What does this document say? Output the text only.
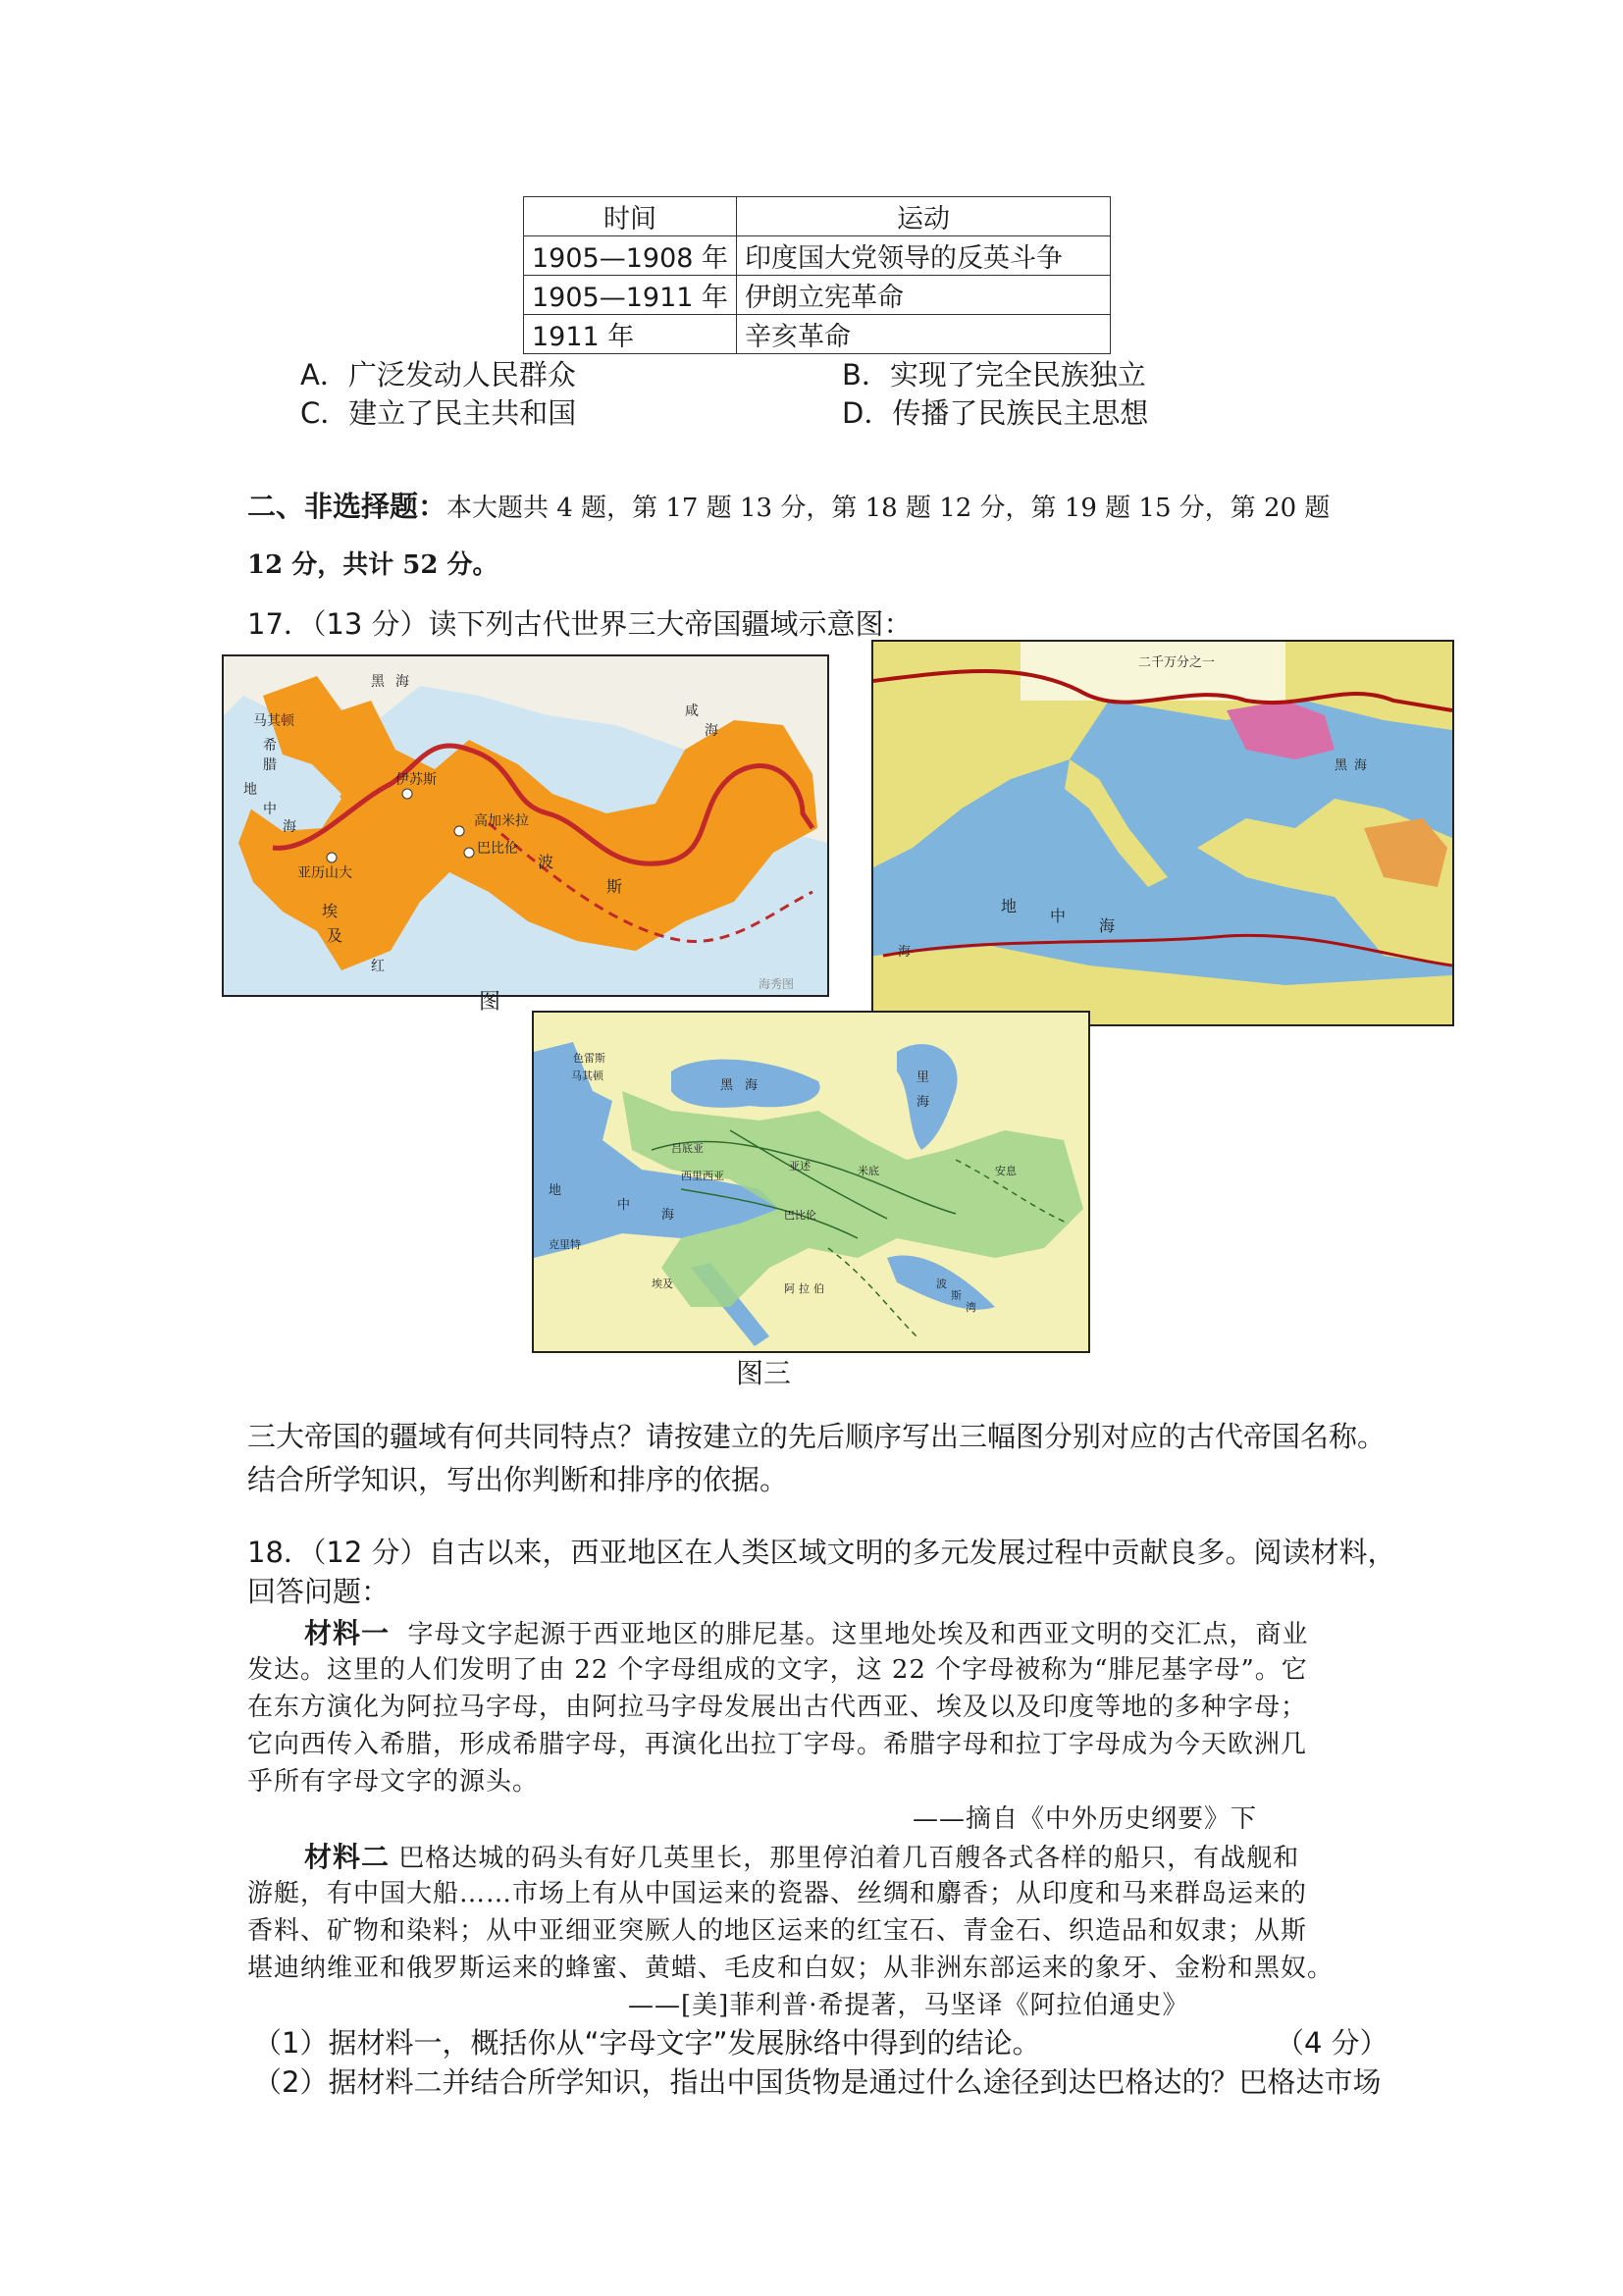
时间	运动
1905—1908 年	印度国大党领导的反英斗争
1905—1911 年	伊朗立宪革命
1911 年	辛亥革命
A．广泛发动人民群众	B．实现了完全民族独立
C．建立了民主共和国	D．传播了民族民主思想
二、非选择题：本大题共 4 题，第 17 题 13 分，第 18 题 12 分，第 19 题 15 分，第 20 题
12 分，共计 52 分。
17．（13 分）读下列古代世界三大帝国疆域示意图：
马其顿
希
腊
黑 海
伊苏斯
高加米拉
巴比伦
亚历山大
地
中
海
埃
及
红
波
斯
咸
海
海秀图
图
二千万分之一
海
地
中
海
黑 海
色雷斯
马其顿
黑 海
里
海
吕底亚
西里西亚
亚述
巴比伦
米底	安息
地
中
海
阿 拉 伯	波
斯
湾
埃及
克里特
图三
三大帝国的疆域有何共同特点？请按建立的先后顺序写出三幅图分别对应的古代帝国名称。
结合所学知识，写出你判断和排序的依据。
18．（12 分）自古以来，西亚地区在人类区域文明的多元发展过程中贡献良多。阅读材料，
回答问题：
材料一 字母文字起源于西亚地区的腓尼基。这里地处埃及和西亚文明的交汇点，商业
发达。这里的人们发明了由 22 个字母组成的文字，这 22 个字母被称为“腓尼基字母”。它
在东方演化为阿拉马字母，由阿拉马字母发展出古代西亚、埃及以及印度等地的多种字母；
它向西传入希腊，形成希腊字母，再演化出拉丁字母。希腊字母和拉丁字母成为今天欧洲几
乎所有字母文字的源头。
——摘自《中外历史纲要》下
材料二 巴格达城的码头有好几英里长，那里停泊着几百艘各式各样的船只，有战舰和
游艇，有中国大船……市场上有从中国运来的瓷器、丝绸和麝香；从印度和马来群岛运来的
香料、矿物和染料；从中亚细亚突厥人的地区运来的红宝石、青金石、织造品和奴隶；从斯
堪迪纳维亚和俄罗斯运来的蜂蜜、黄蜡、毛皮和白奴；从非洲东部运来的象牙、金粉和黑奴。
——[美]菲利普·希提著，马坚译《阿拉伯通史》
（1）据材料一，概括你从“字母文字”发展脉络中得到的结论。	（4 分）
（2）据材料二并结合所学知识，指出中国货物是通过什么途径到达巴格达的？巴格达市场
